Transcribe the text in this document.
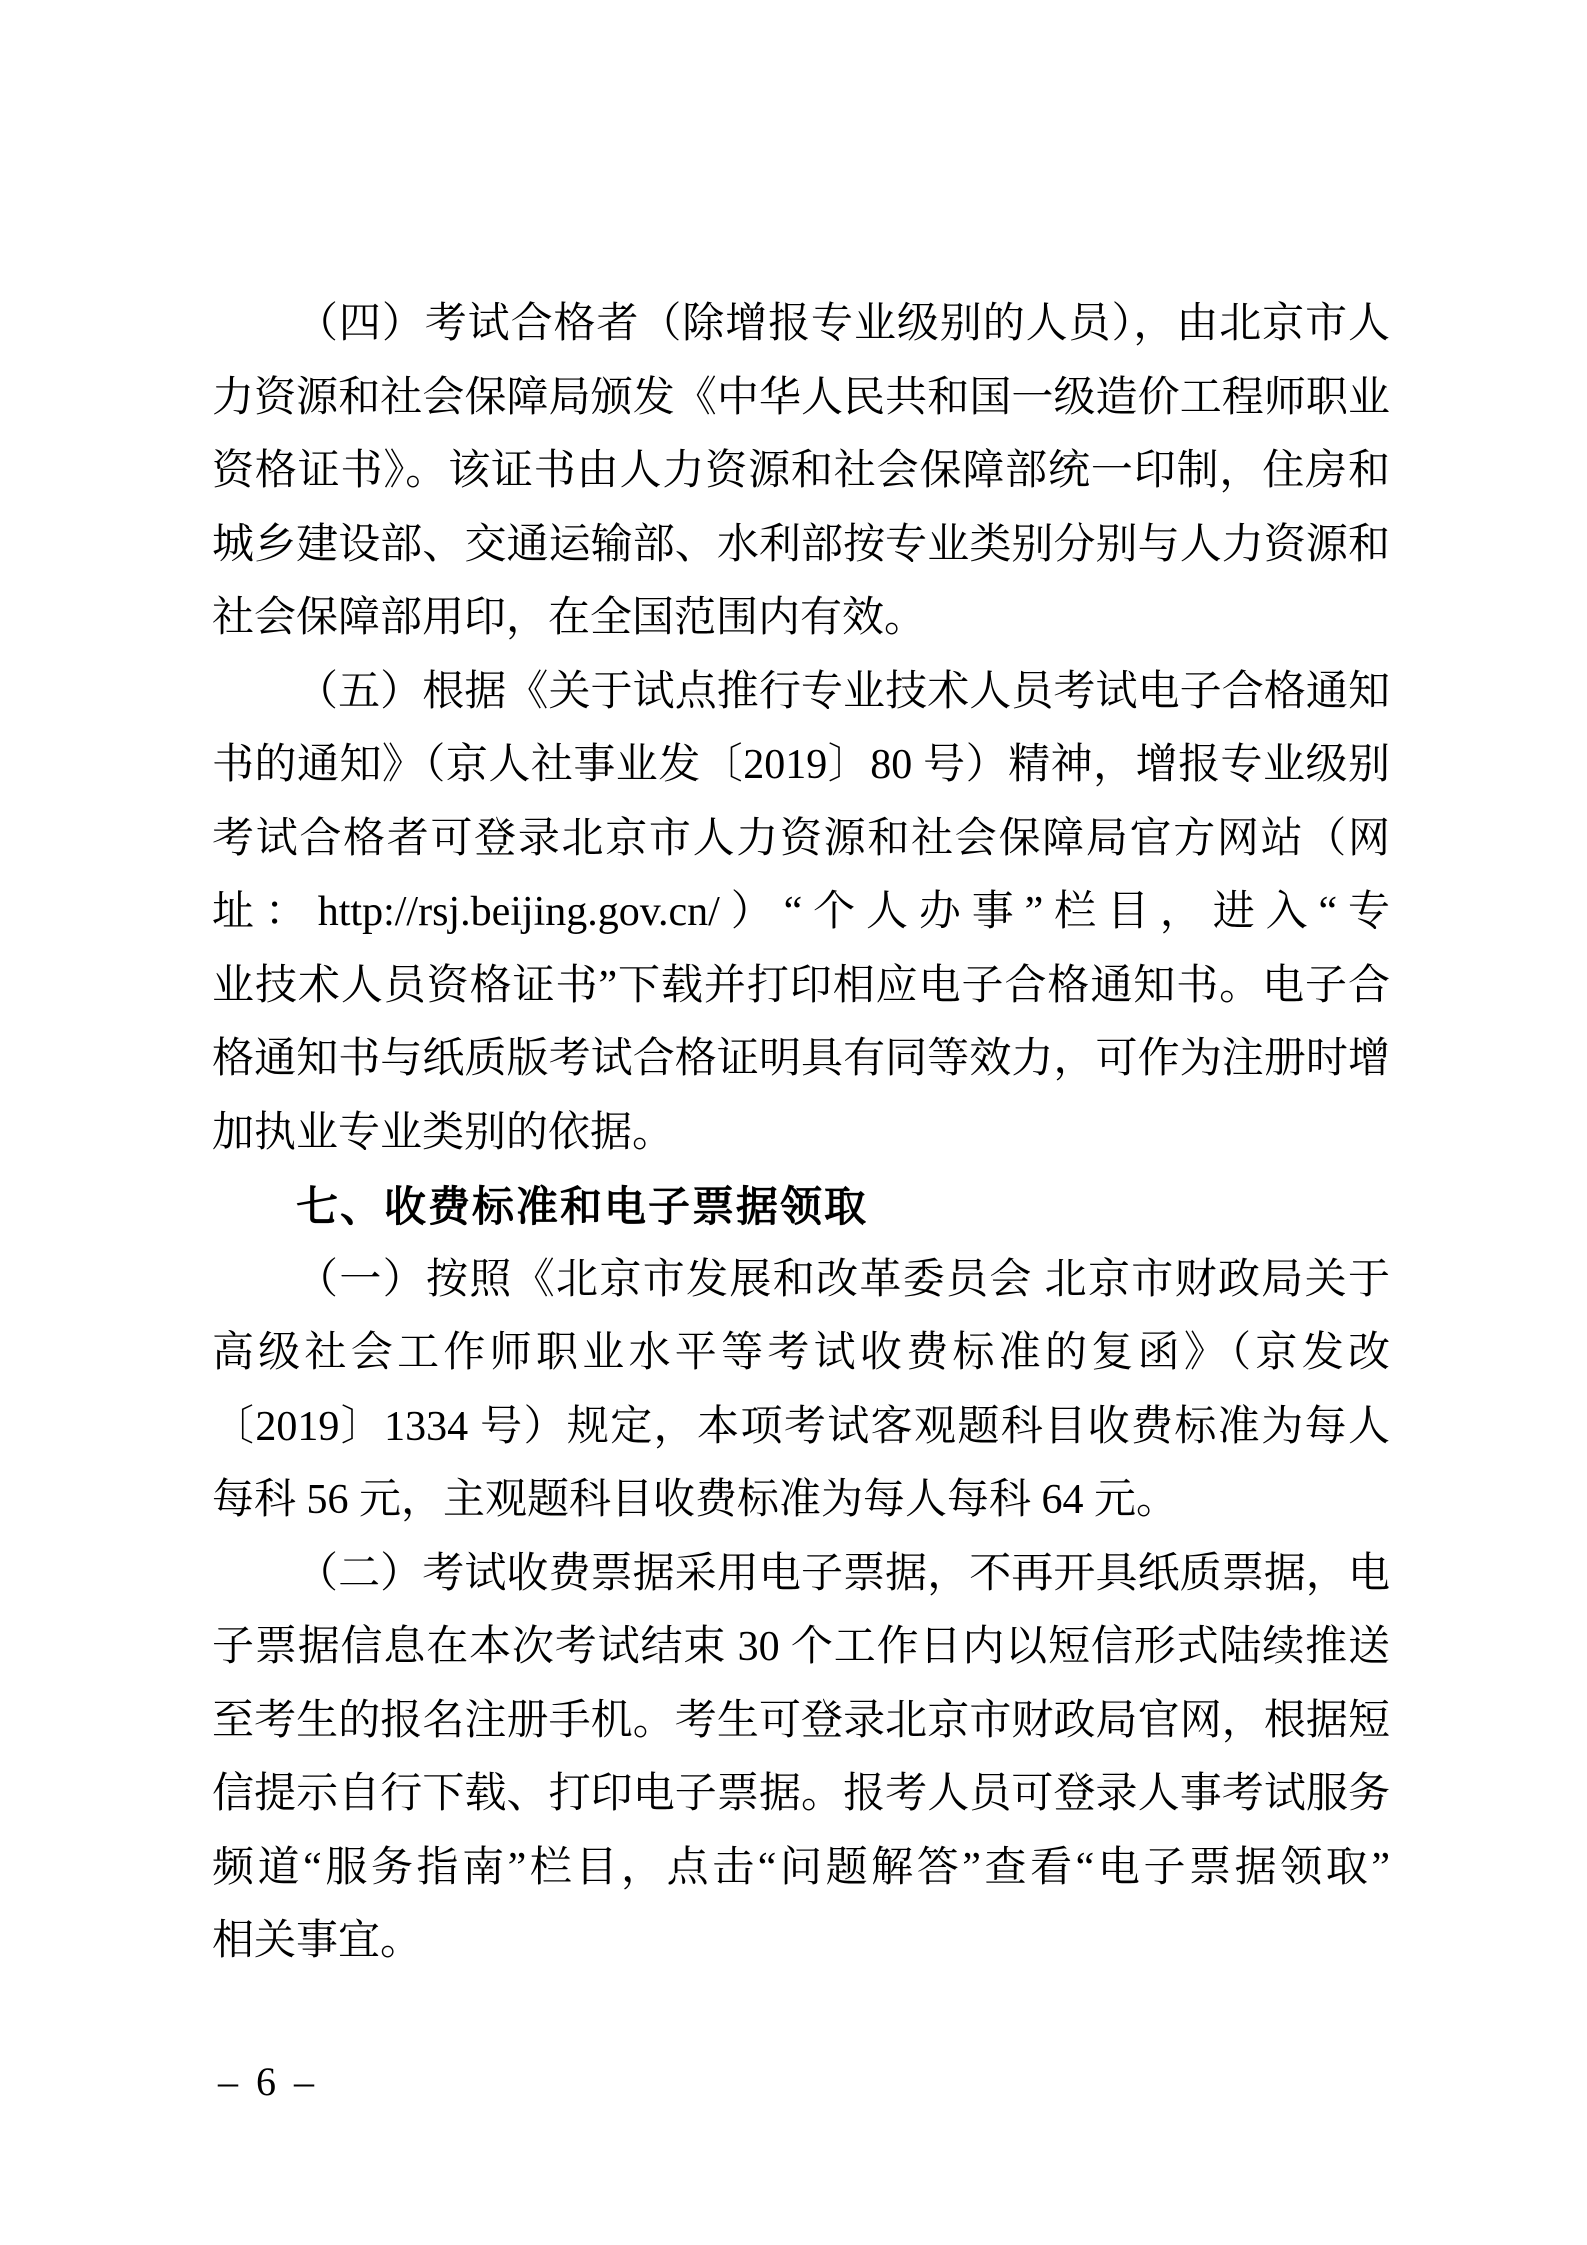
（四）考试合格者（除增报专业级别的人员），由北京市人
力资源和社会保障局颁发《中华人民共和国一级造价工程师职业
资格证书》。该证书由人力资源和社会保障部统一印制，住房和
城乡建设部、交通运输部、水利部按专业类别分别与人力资源和
社会保障部用印，在全国范围内有效。
（五）根据《关于试点推行专业技术人员考试电子合格通知
书的通知》（京人社事业发〔2019〕80 号）精神，增报专业级别
考试合格者可登录北京市人力资源和社会保障局官方网站（网
址：http://rsj.beijing.gov.cn/）“个人办事”栏目，进入“专
业技术人员资格证书”下载并打印相应电子合格通知书。电子合
格通知书与纸质版考试合格证明具有同等效力，可作为注册时增
加执业专业类别的依据。
七、收费标准和电子票据领取
（一）按照《北京市发展和改革委员会 北京市财政局关于
高级社会工作师职业水平等考试收费标准的复函》（京发改
〔2019〕1334 号）规定，本项考试客观题科目收费标准为每人
每科 56 元，主观题科目收费标准为每人每科 64 元。
（二）考试收费票据采用电子票据，不再开具纸质票据，电
子票据信息在本次考试结束 30 个工作日内以短信形式陆续推送
至考生的报名注册手机。考生可登录北京市财政局官网，根据短
信提示自行下载、打印电子票据。报考人员可登录人事考试服务
频道“服务指南”栏目，点击“问题解答”查看“电子票据领取”
相关事宜。
– 6 –
